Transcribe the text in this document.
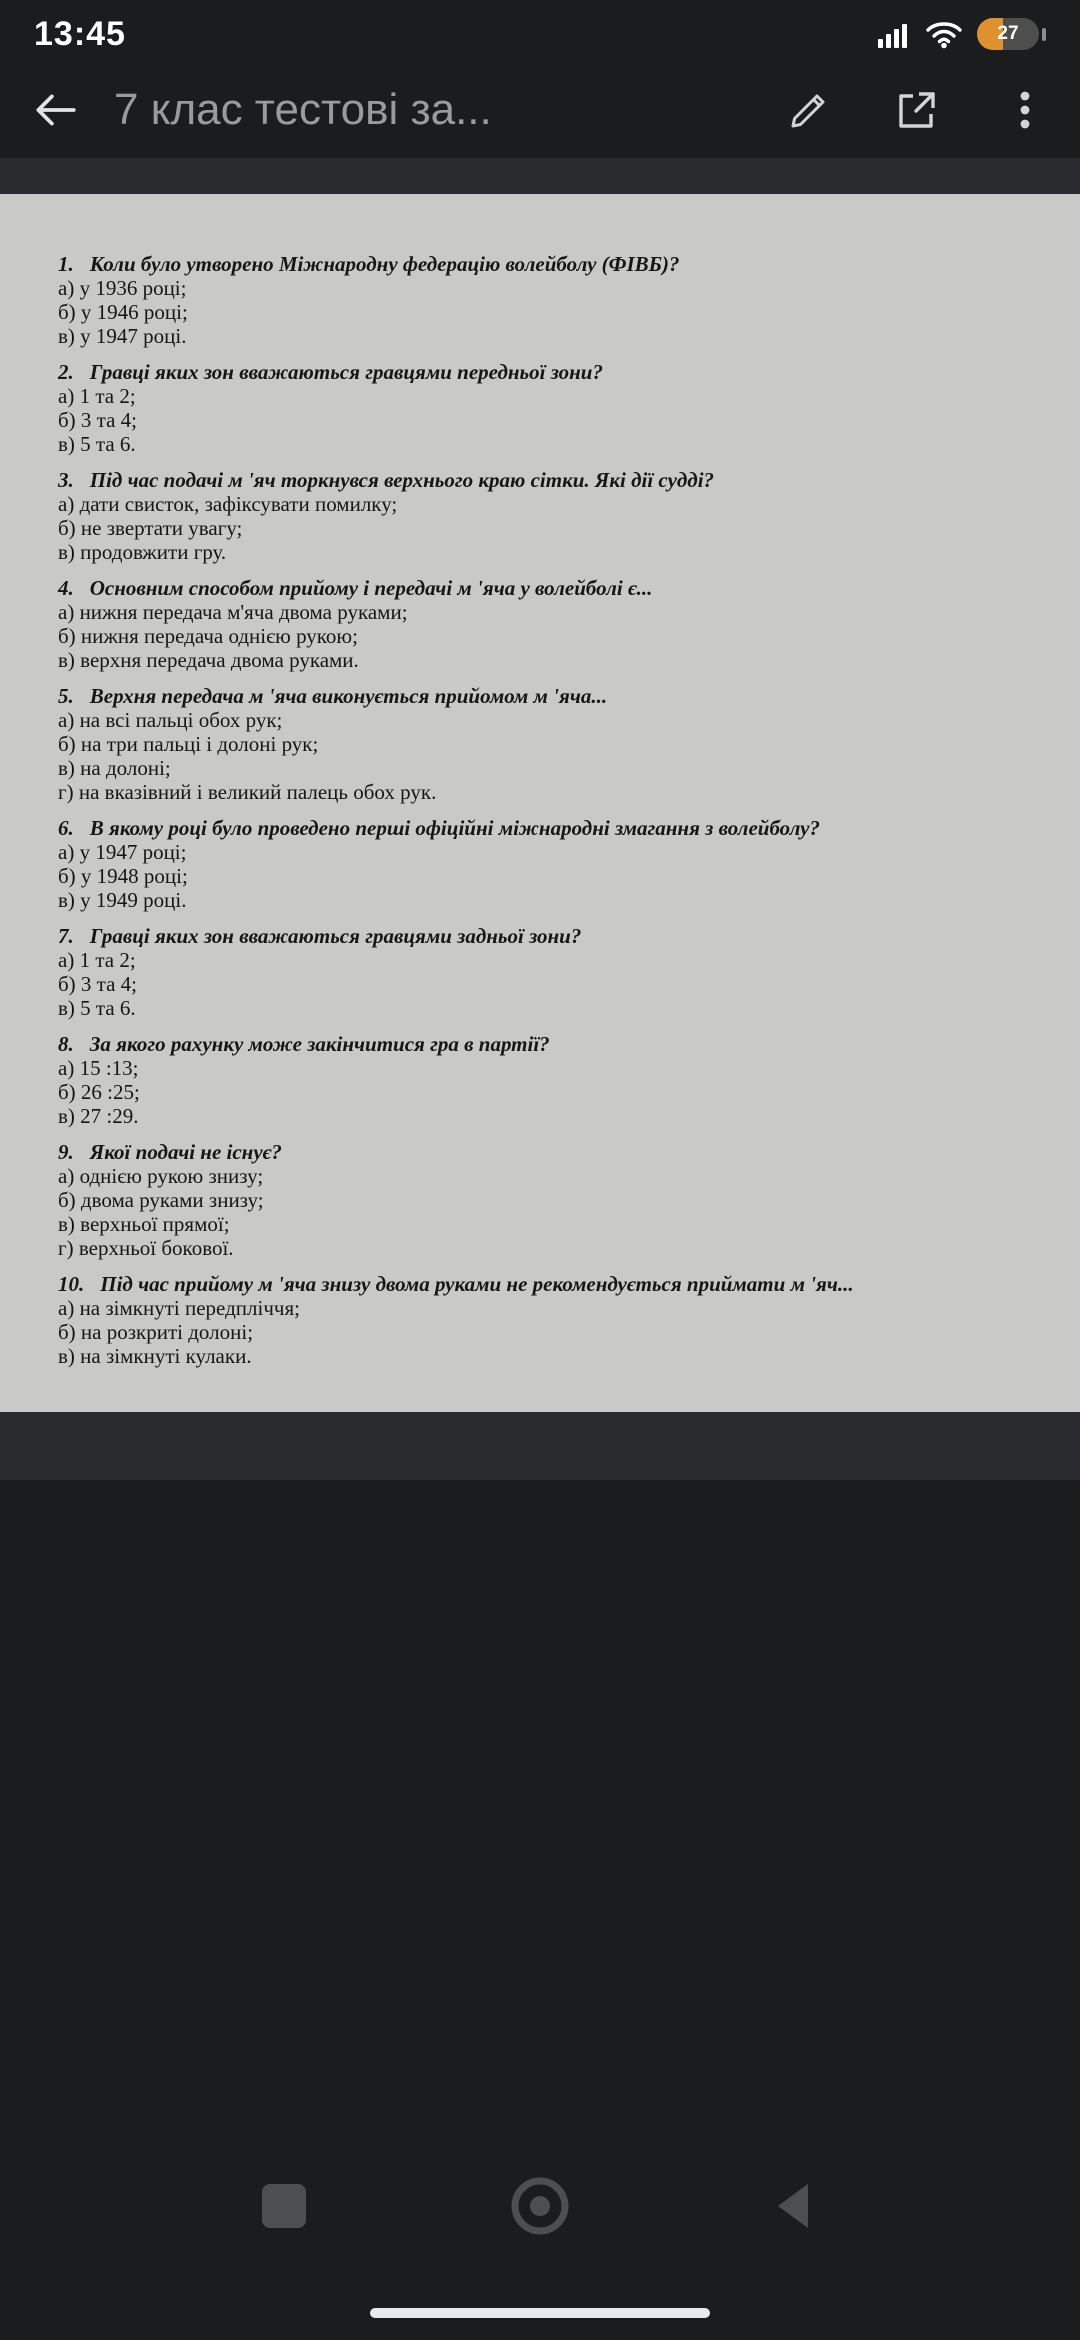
13:45	27
7 клас тестові за...
1. Коли було утворено Міжнародну федерацію волейболу (ФІВБ)?
а) у 1936 році;
б) у 1946 році;
в) у 1947 році.
2. Гравці яких зон вважаються гравцями передньої зони?
а) 1 та 2;
б) 3 та 4;
в) 5 та 6.
3. Під час подачі м 'яч торкнувся верхнього краю сітки. Які дії судді?
а) дати свисток, зафіксувати помилку;
б) не звертати увагу;
в) продовжити гру.
4. Основним способом прийому і передачі м 'яча у волейболі є...
а) нижня передача м'яча двома руками;
б) нижня передача однією рукою;
в) верхня передача двома руками.
5. Верхня передача м 'яча виконується прийомом м 'яча...
а) на всі пальці обох рук;
б) на три пальці і долоні рук;
в) на долоні;
г) на вказівний і великий палець обох рук.
6. В якому році було проведено перші офіційні міжнародні змагання з волейболу?
а) у 1947 році;
б) у 1948 році;
в) у 1949 році.
7. Гравці яких зон вважаються гравцями задньої зони?
а) 1 та 2;
б) 3 та 4;
в) 5 та 6.
8. За якого рахунку може закінчитися гра в партії?
а) 15 :13;
б) 26 :25;
в) 27 :29.
9. Якої подачі не існує?
а) однією рукою знизу;
б) двома руками знизу;
в) верхньої прямої;
г) верхньої бокової.
10. Під час прийому м 'яча знизу двома руками не рекомендується приймати м 'яч...
а) на зімкнуті передпліччя;
б) на розкриті долоні;
в) на зімкнуті кулаки.
